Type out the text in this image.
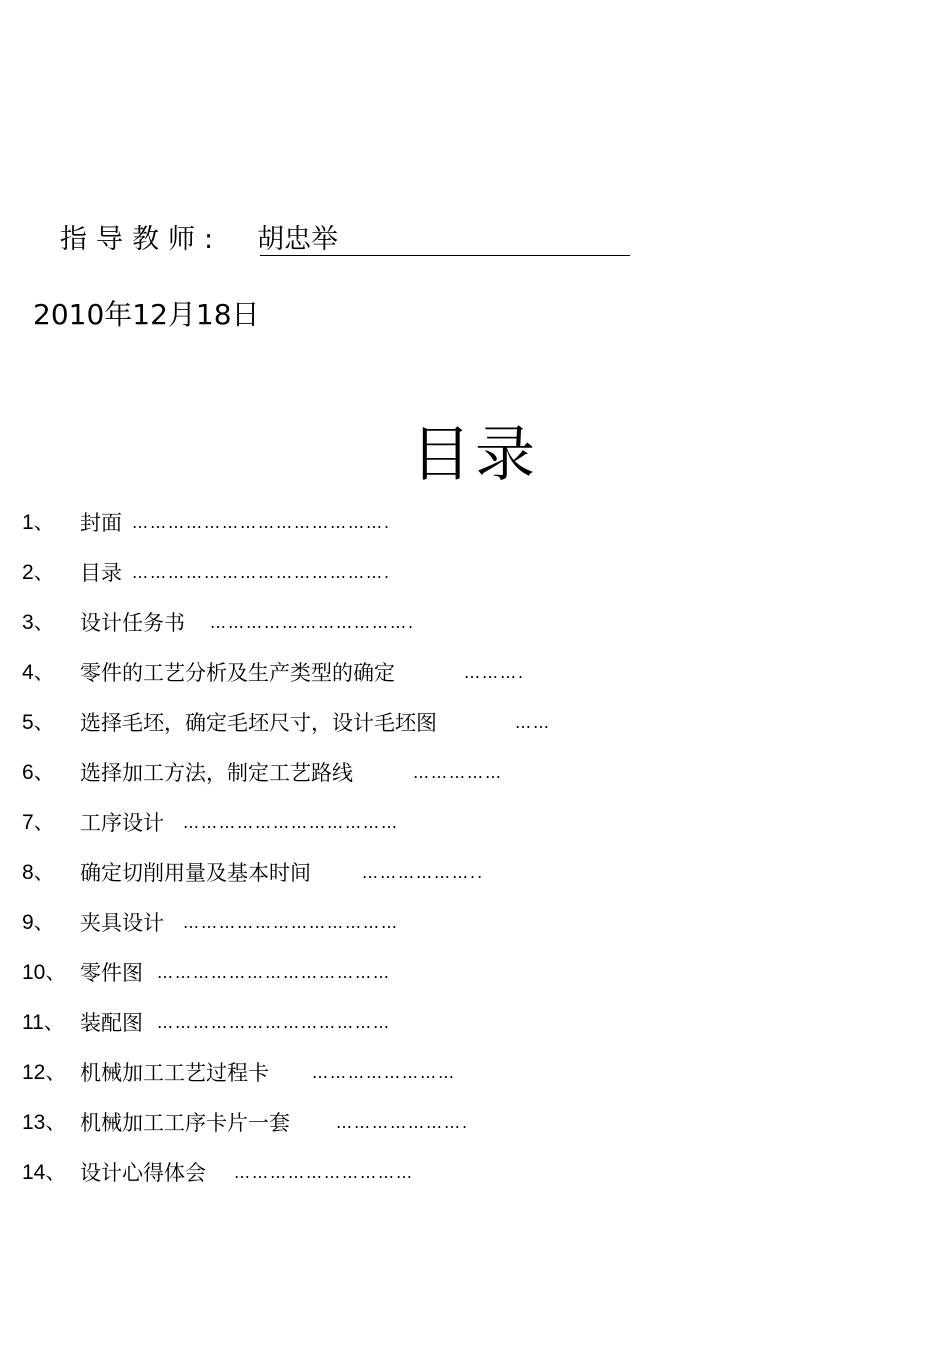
指导教师: 胡忠举
2010年12月18日
目录
1、 封面 …………………………………….
2、 目录 …………………………………….
3、 设计任务书 …………………………….
4、 零件的工艺分析及生产类型的确定	……….
5、 选择毛坯，确定毛坯尺寸，设计毛坯图	……
6、 选择加工方法，制定工艺路线	……………
7、 工序设计 ………………………………
8、 确定切削用量及基本时间	………………..
9、 夹具设计 ………………………………
10、 零件图 …………………………………
11、 装配图 …………………………………
12、 机械加工工艺过程卡	……………………
13、 机械加工工序卡片一套	………………….
14、 设计心得体会 …………………………
